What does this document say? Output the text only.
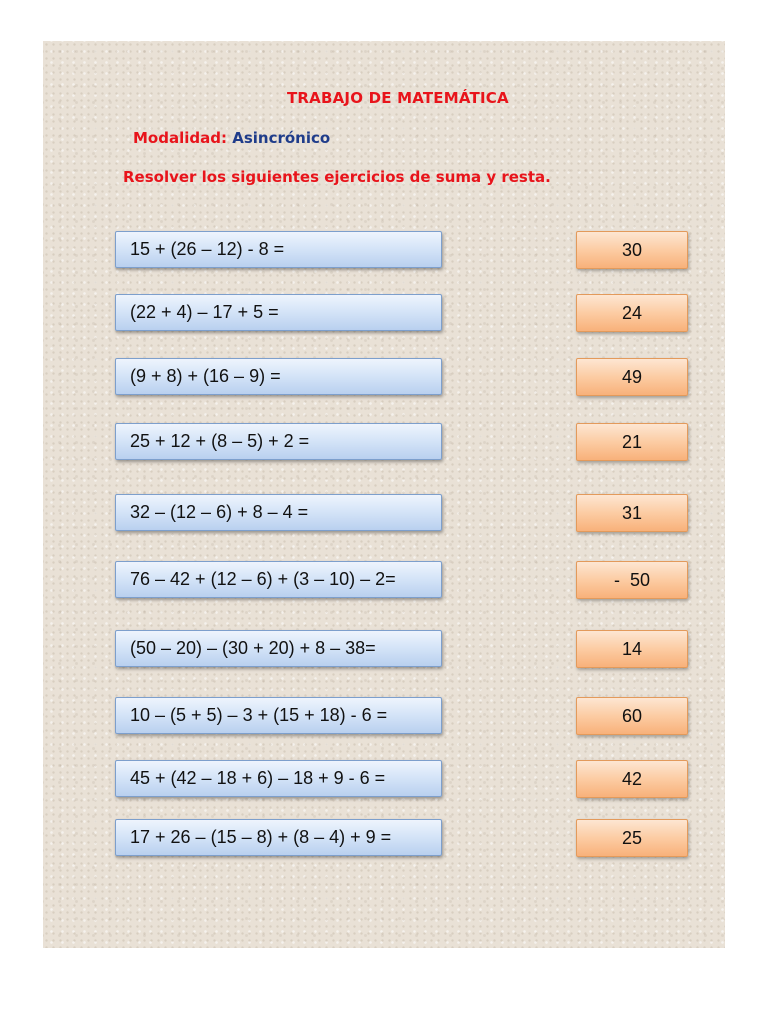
TRABAJO DE MATEMÁTICA
Modalidad: Asincrónico
Resolver los siguientes ejercicios de suma y resta.
15 + (26 – 12) - 8 =	30
(22 + 4) – 17 + 5 =	24
(9 + 8) + (16 – 9) =	49
25 + 12 + (8 – 5) + 2 =	21
32 – (12 – 6) + 8 – 4 =	31
76 – 42 + (12 – 6) + (3 – 10) – 2=	-  50
(50 – 20) – (30 + 20) + 8 – 38=	14
10 – (5 + 5) – 3 + (15 + 18) - 6 =	60
45 + (42 – 18 + 6) – 18 + 9 - 6 =	42
17 + 26 – (15 – 8) + (8 – 4) + 9 =	25
